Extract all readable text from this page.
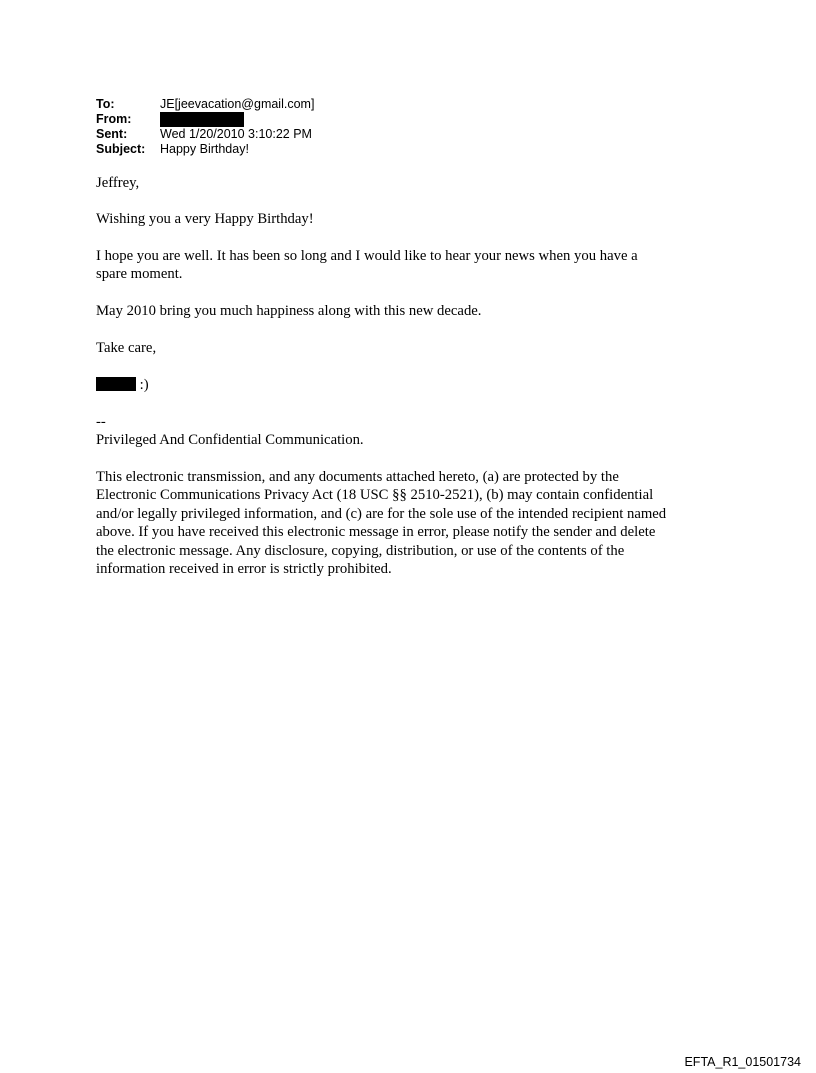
To:	JE[jeevacation@gmail.com]
From:
Sent:	Wed 1/20/2010 3:10:22 PM
Subject:	Happy Birthday!

Jeffrey,

Wishing you a very Happy Birthday!

I hope you are well. It has been so long and I would like to hear your news when you have a
spare moment.

May 2010 bring you much happiness along with this new decade.

Take care,

:)

--
Privileged And Confidential Communication.
This electronic transmission, and any documents attached hereto, (a) are protected by the
Electronic Communications Privacy Act (18 USC §§ 2510-2521), (b) may contain confidential
and/or legally privileged information, and (c) are for the sole use of the intended recipient named
above. If you have received this electronic message in error, please notify the sender and delete
the electronic message. Any disclosure, copying, distribution, or use of the contents of the
information received in error is strictly prohibited.
EFTA_R1_01501734
